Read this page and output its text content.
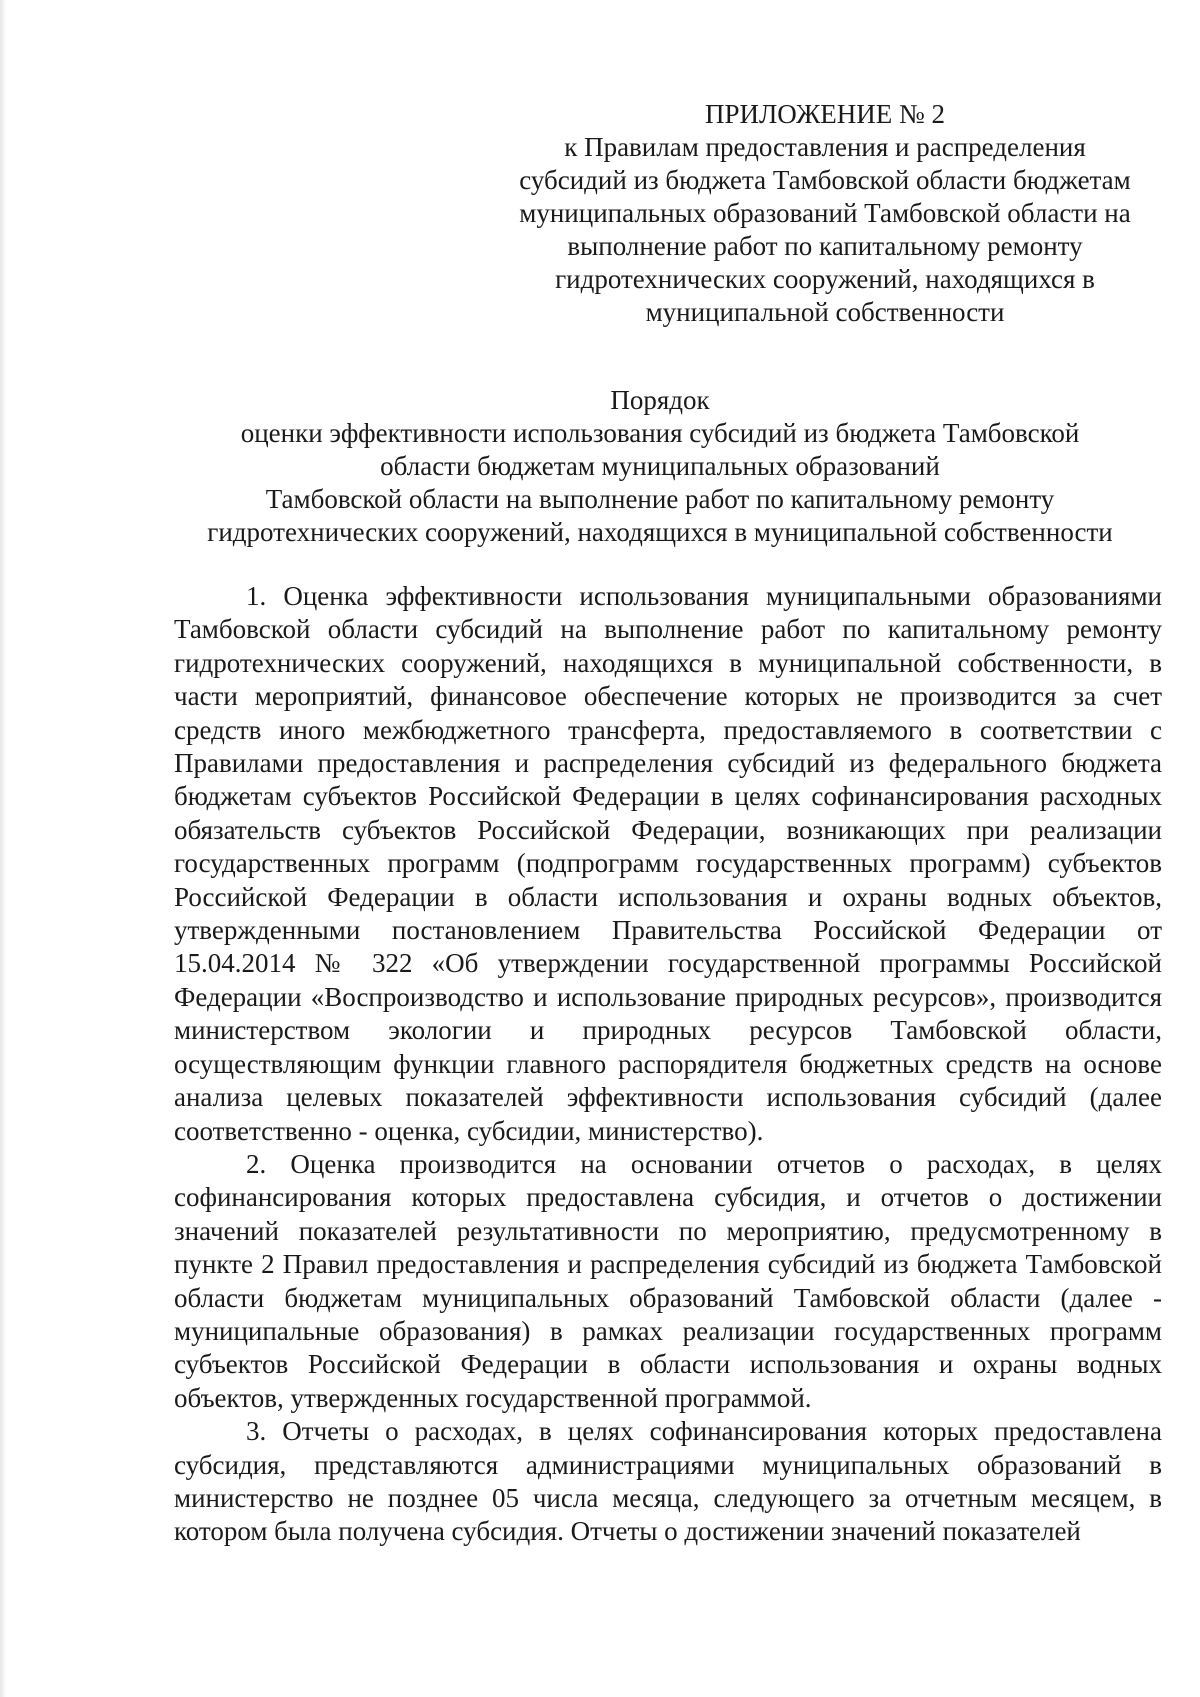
ПРИЛОЖЕНИЕ № 2
к Правилам предоставления и распределения
субсидий из бюджета Тамбовской области бюджетам
муниципальных образований Тамбовской области на
выполнение работ по капитальному ремонту
гидротехнических сооружений, находящихся в
муниципальной собственности
Порядок
оценки эффективности использования субсидий из бюджета Тамбовской
области бюджетам муниципальных образований
Тамбовской области на выполнение работ по капитальному ремонту
гидротехнических сооружений, находящихся в муниципальной собственности

1. Оценка эффективности использования муниципальными образованиями Тамбовской области субсидий на выполнение работ по капитальному ремонту гидротехнических сооружений, находящихся в муниципальной собственности, в части мероприятий, финансовое обеспечение которых не производится за счет средств иного межбюджетного трансферта, предоставляемого в соответствии с Правилами предоставления и распределения субсидий из федерального бюджета бюджетам субъектов Российской Федерации в целях софинансирования расходных обязательств субъектов Российской Федерации, возникающих при реализации государственных программ (подпрограмм государственных программ) субъектов Российской Федерации в области использования и охраны водных объектов, утвержденными постановлением Правительства Российской Федерации от 15.04.2014 № 322 «Об утверждении государственной программы Российской Федерации «Воспроизводство и использование природных ресурсов», производится министерством экологии и природных ресурсов Тамбовской области, осуществляющим функции главного распорядителя бюджетных средств на основе анализа целевых показателей эффективности использования субсидий (далее соответственно - оценка, субсидии, министерство).

2. Оценка производится на основании отчетов о расходах, в целях софинансирования которых предоставлена субсидия, и отчетов о достижении значений показателей результативности по мероприятию, предусмотренному в пункте 2 Правил предоставления и распределения субсидий из бюджета Тамбовской области бюджетам муниципальных образований Тамбовской области (далее - муниципальные образования) в рамках реализации государственных программ субъектов Российской Федерации в области использования и охраны водных объектов, утвержденных государственной программой.

3. Отчеты о расходах, в целях софинансирования которых предоставлена субсидия, представляются администрациями муниципальных образований в министерство не позднее 05 числа месяца, следующего за отчетным месяцем, в котором была получена субсидия. Отчеты о достижении значений показателей
